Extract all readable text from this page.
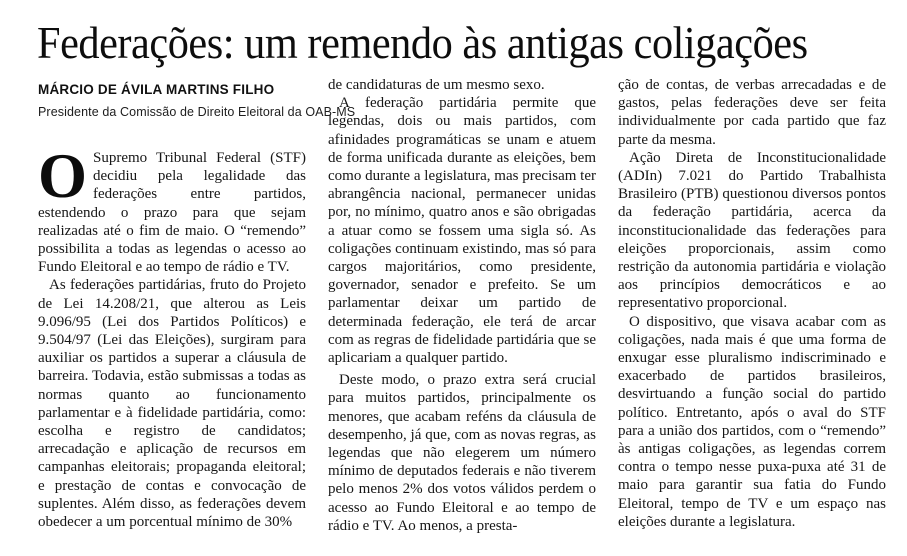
Federações: um remendo às antigas coligações
MÁRCIO DE ÁVILA MARTINS FILHO
Presidente da Comissão de Direito Eleitoral da OAB-MS

O Supremo Tribunal Federal (STF) decidiu pela legalidade das federações entre partidos, estendendo o prazo para que sejam realizadas até o fim de maio. O “remendo” possibilita a todas as legendas o acesso ao Fundo Eleitoral e ao tempo de rádio e TV.

As federações partidárias, fruto do Projeto de Lei 14.208/21, que alterou as Leis 9.096/95 (Lei dos Partidos Políticos) e 9.504/97 (Lei das Eleições), surgiram para auxiliar os partidos a superar a cláusula de barreira. Todavia, estão submissas a todas as normas quanto ao funcionamento parlamentar e à fidelidade partidária, como: escolha e registro de candidatos; arrecadação e aplicação de recursos em campanhas eleitorais; propaganda eleitoral; e prestação de contas e convocação de suplentes. Além disso, as federações devem obedecer a um porcentual mínimo de 30%

de candidaturas de um mesmo sexo.

A federação partidária permite que legendas, dois ou mais partidos, com afinidades programáticas se unam e atuem de forma unificada durante as eleições, bem como durante a legislatura, mas precisam ter abrangência nacional, permanecer unidas por, no mínimo, quatro anos e são obrigadas a atuar como se fossem uma sigla só. As coligações continuam existindo, mas só para cargos majoritários, como presidente, governador, senador e prefeito. Se um parlamentar deixar um partido de determinada federação, ele terá de arcar com as regras de fidelidade partidária que se aplicariam a qualquer partido.

Deste modo, o prazo extra será crucial para muitos partidos, principalmente os menores, que acabam reféns da cláusula de desempenho, já que, com as novas regras, as legendas que não elegerem um número mínimo de deputados federais e não tiverem pelo menos 2% dos votos válidos perdem o acesso ao Fundo Eleitoral e ao tempo de rádio e TV. Ao menos, a presta-

ção de contas, de verbas arrecadadas e de gastos, pelas federações deve ser feita individualmente por cada partido que faz parte da mesma.

Ação Direta de Inconstitucionalidade (ADIn) 7.021 do Partido Trabalhista Brasileiro (PTB) questionou diversos pontos da federação partidária, acerca da inconstitucionalidade das federações para eleições proporcionais, assim como restrição da autonomia partidária e violação aos princípios democráticos e ao representativo proporcional.

O dispositivo, que visava acabar com as coligações, nada mais é que uma forma de enxugar esse pluralismo indiscriminado e exacerbado de partidos brasileiros, desvirtuando a função social do partido político. Entretanto, após o aval do STF para a união dos partidos, com o “remendo” às antigas coligações, as legendas correm contra o tempo nesse puxa-puxa até 31 de maio para garantir sua fatia do Fundo Eleitoral, tempo de TV e um espaço nas eleições durante a legislatura.
